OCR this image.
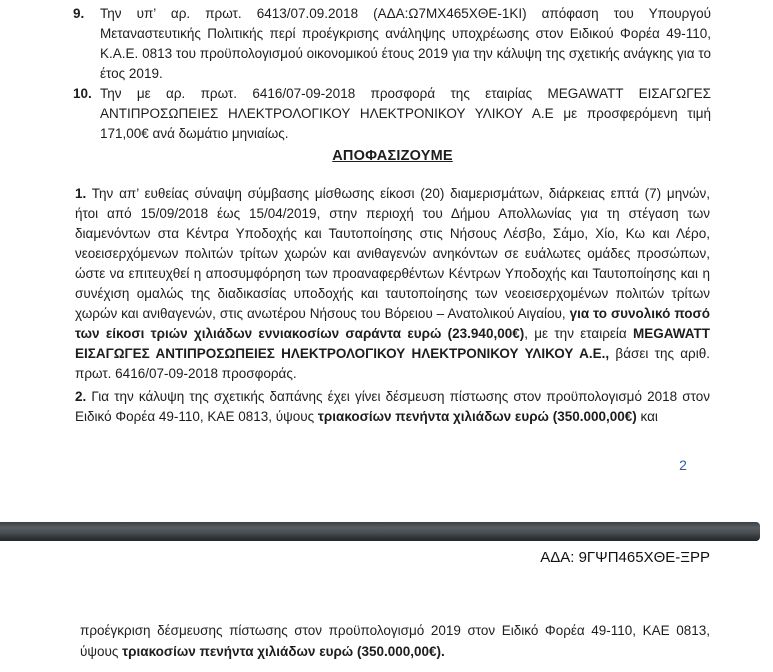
9. Την υπ’ αρ. πρωτ. 6413/07.09.2018 (ΑΔΑ:Ω7ΜΧ465ΧΘΕ-1ΚΙ) απόφαση του Υπουργού Μεταναστευτικής Πολιτικής περί προέγκρισης ανάληψης υποχρέωσης στον Ειδικού Φορέα 49-110, Κ.Α.Ε. 0813 του προϋπολογισμού οικονομικού έτους 2019 για την κάλυψη της σχετικής ανάγκης για το έτος 2019.
10. Την με αρ. πρωτ. 6416/07-09-2018 προσφορά της εταιρίας MEGAWATT ΕΙΣΑΓΩΓΕΣ ΑΝΤΙΠΡΟΣΩΠΕΙΕΣ ΗΛΕΚΤΡΟΛΟΓΙΚΟΥ ΗΛΕΚΤΡΟΝΙΚΟΥ ΥΛΙΚΟΥ Α.Ε με προσφερόμενη τιμή 171,00€ ανά δωμάτιο μηνιαίως.
ΑΠΟΦΑΣΙΖΟΥΜΕ
1. Την απ’ ευθείας σύναψη σύμβασης μίσθωσης είκοσι (20) διαμερισμάτων, διάρκειας επτά (7) μηνών, ήτοι από 15/09/2018 έως 15/04/2019, στην περιοχή του Δήμου Απολλωνίας για τη στέγαση των διαμενόντων στα Κέντρα Υποδοχής και Ταυτοποίησης στις Νήσους Λέσβο, Σάμο, Χίο, Κω και Λέρο, νεοεισερχόμενων πολιτών τρίτων χωρών και ανιθαγενών ανηκόντων σε ευάλωτες ομάδες προσώπων, ώστε να επιτευχθεί η αποσυμφόρηση των προαναφερθέντων Κέντρων Υποδοχής και Ταυτοποίησης και η συνέχιση ομαλώς της διαδικασίας υποδοχής και ταυτοποίησης των νεοεισερχομένων πολιτών τρίτων χωρών και ανιθαγενών, στις ανωτέρου Νήσους του Βόρειου – Ανατολικού Αιγαίου, για το συνολικό ποσό των είκοσι τριών χιλιάδων εννιακοσίων σαράντα ευρώ (23.940,00€), με την εταιρεία MEGAWATT ΕΙΣΑΓΩΓΕΣ ΑΝΤΙΠΡΟΣΩΠΕΙΕΣ ΗΛΕΚΤΡΟΛΟΓΙΚΟΥ ΗΛΕΚΤΡΟΝΙΚΟΥ ΥΛΙΚΟΥ Α.Ε., βάσει της αριθ. πρωτ. 6416/07-09-2018 προσφοράς.
2. Για την κάλυψη της σχετικής δαπάνης έχει γίνει δέσμευση πίστωσης στον προϋπολογισμό 2018 στον Ειδικό Φορέα 49-110, ΚΑΕ 0813, ύψους τριακοσίων πενήντα χιλιάδων ευρώ (350.000,00€) και
2
ΑΔΑ: 9ΓΨΠ465ΧΘΕ-ΞΡΡ
προέγκριση δέσμευσης πίστωσης στον προϋπολογισμό 2019 στον Ειδικό Φορέα 49-110, ΚΑΕ 0813, ύψους τριακοσίων πενήντα χιλιάδων ευρώ (350.000,00€).
